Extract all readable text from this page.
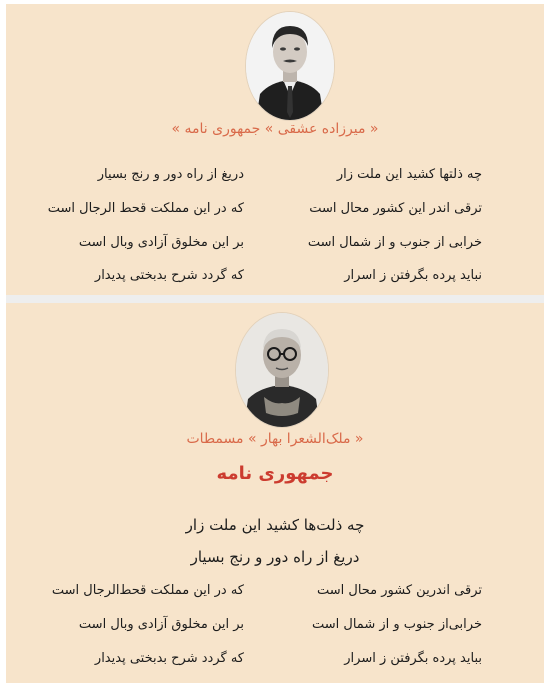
« میرزاده عشقی » جمهوری نامه »
چه ذلتها کشید این ملت زار
ترقی اندر این کشور محال است
خرابی از جنوب و از شمال است
نباید پرده بگرفتن ز اسرار
دریغ از راه دور و رنج بسیار
که در این مملکت قحط الرجال است
بر این مخلوق آزادی وبال است
که گردد شرح بدبختی پدیدار
ملک‌الشعرا بهار » مسمطات »
جمهوری نامه
چه ذلت‌ها کشید این ملت زار
دریغ از راه دور و رنج بسیار
ترقی اندرین کشور محال است
خرابی‌از جنوب و از شمال است
بباید پرده بگرفتن ز اسرار
که در این مملکت قحط‌الرجال است
بر این مخلوق آزادی وبال است
که گردد شرح بدبختی پدیدار
